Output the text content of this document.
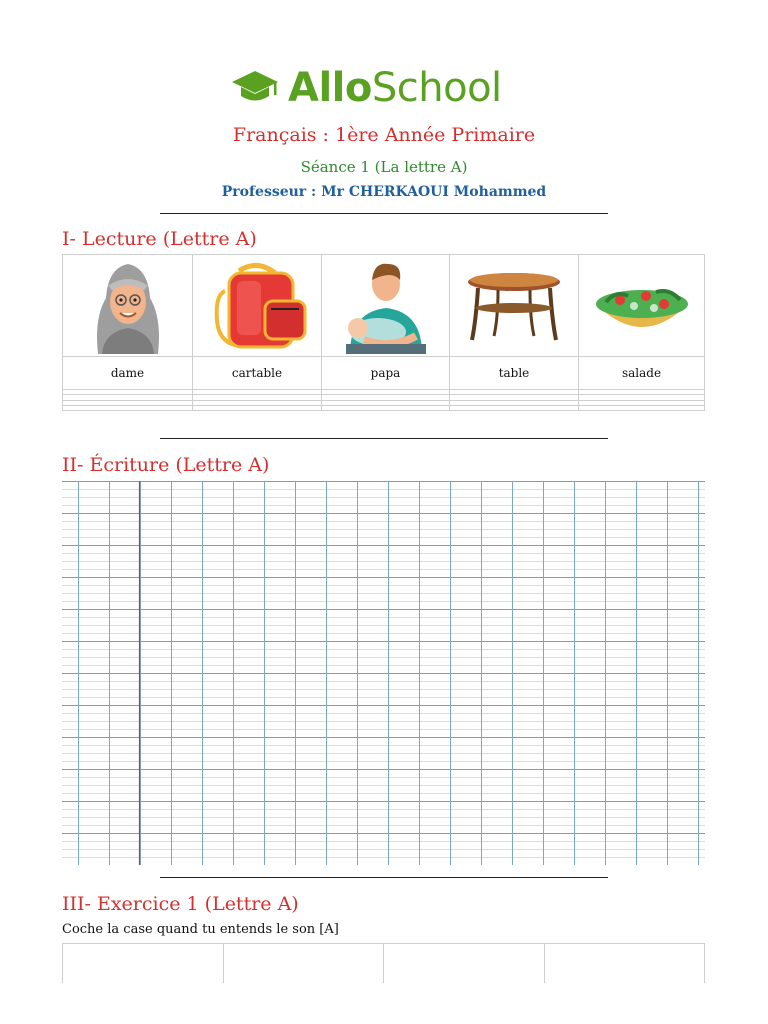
AlloSchool
Français : 1ère Année Primaire
Séance 1 (La lettre A)
Professeur : Mr CHERKAOUI Mohammed
I- Lecture (Lettre A)
dame	cartable	papa	table	salade
II- Écriture (Lettre A)
III- Exercice 1 (Lettre A)
Coche la case quand tu entends le son [A]
